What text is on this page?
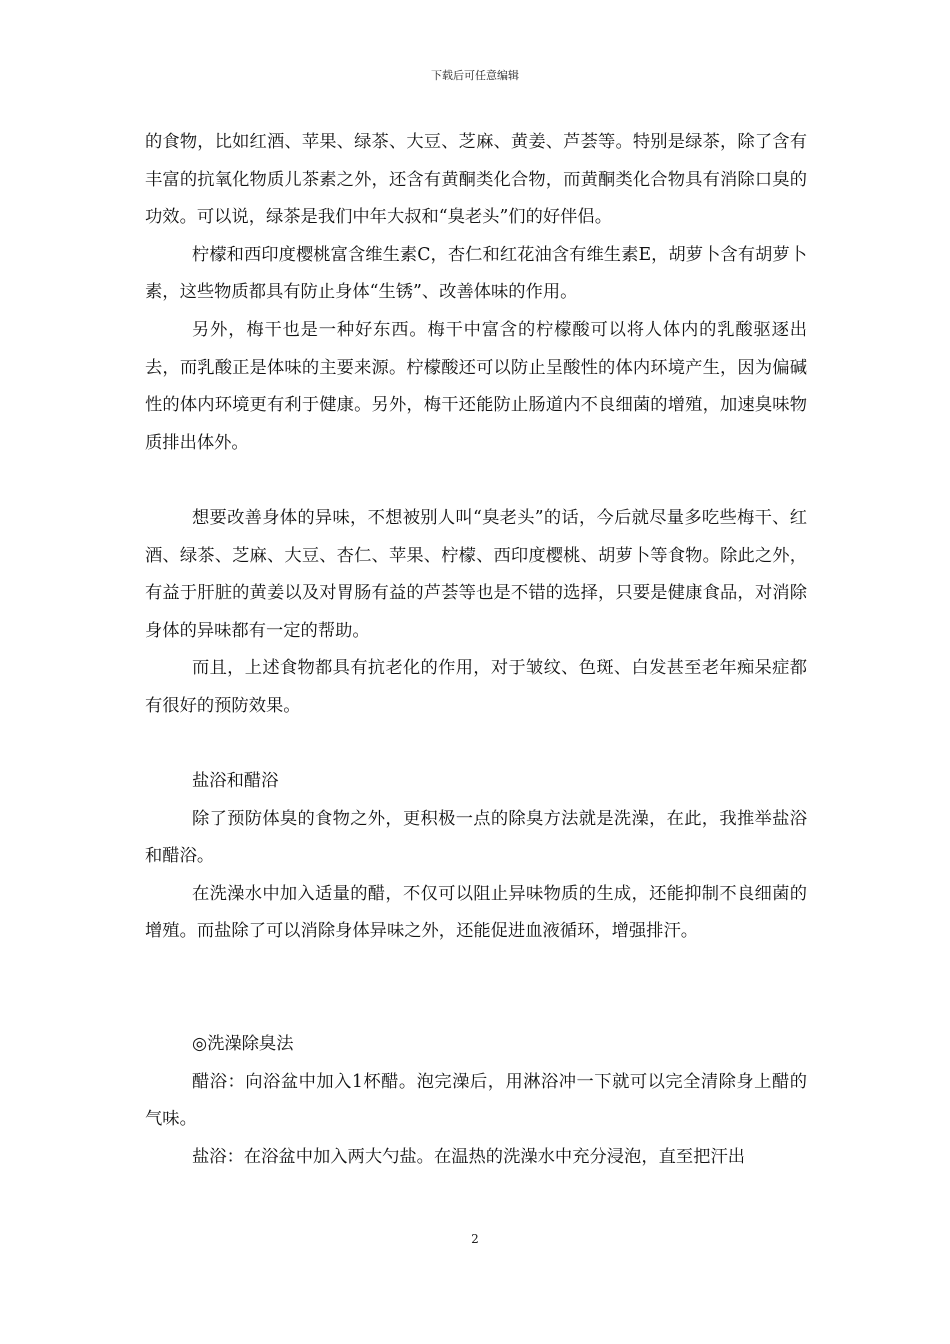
下载后可任意编辑

的食物，比如红酒、苹果、绿茶、大豆、芝麻、黄姜、芦荟等。特别是绿茶，除了含有丰富的抗氧化物质儿茶素之外，还含有黄酮类化合物，而黄酮类化合物具有消除口臭的功效。可以说，绿茶是我们中年大叔和“臭老头”们的好伴侣。

柠檬和西印度樱桃富含维生素C，杏仁和红花油含有维生素E，胡萝卜含有胡萝卜素，这些物质都具有防止身体“生锈”、改善体味的作用。

另外，梅干也是一种好东西。梅干中富含的柠檬酸可以将人体内的乳酸驱逐出去，而乳酸正是体味的主要来源。柠檬酸还可以防止呈酸性的体内环境产生，因为偏碱性的体内环境更有利于健康。另外，梅干还能防止肠道内不良细菌的增殖，加速臭味物质排出体外。

想要改善身体的异味，不想被别人叫“臭老头”的话，今后就尽量多吃些梅干、红酒、绿茶、芝麻、大豆、杏仁、苹果、柠檬、西印度樱桃、胡萝卜等食物。除此之外，有益于肝脏的黄姜以及对胃肠有益的芦荟等也是不错的选择，只要是健康食品，对消除身体的异味都有一定的帮助。

而且，上述食物都具有抗老化的作用，对于皱纹、色斑、白发甚至老年痴呆症都有很好的预防效果。

盐浴和醋浴

除了预防体臭的食物之外，更积极一点的除臭方法就是洗澡，在此，我推举盐浴和醋浴。

在洗澡水中加入适量的醋，不仅可以阻止异味物质的生成，还能抑制不良细菌的增殖。而盐除了可以消除身体异味之外，还能促进血液循环，增强排汗。

◎洗澡除臭法

醋浴：向浴盆中加入1杯醋。泡完澡后，用淋浴冲一下就可以完全清除身上醋的气味。

盐浴：在浴盆中加入两大勺盐。在温热的洗澡水中充分浸泡，直至把汗出

2
